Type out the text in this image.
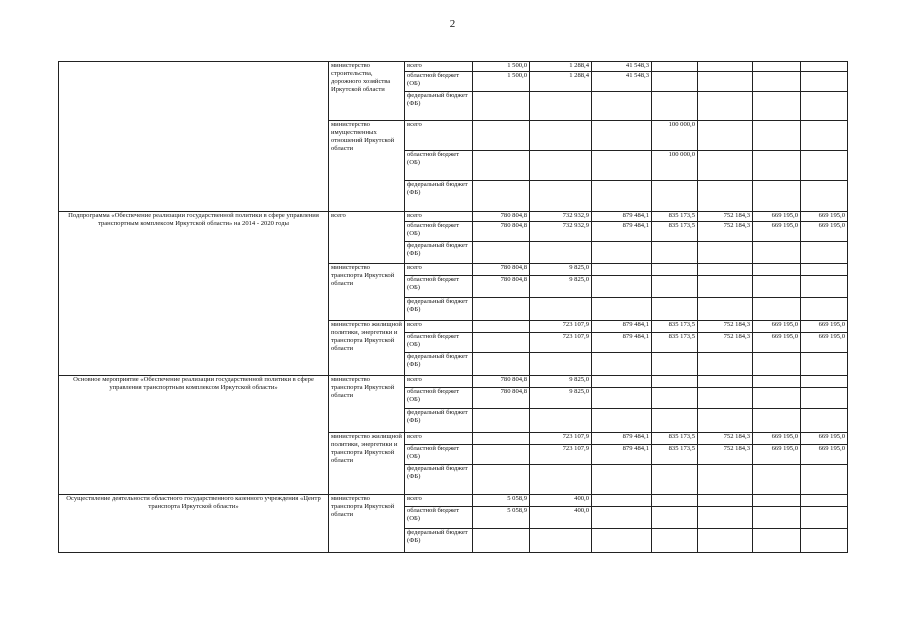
2
	министерство строительства, дорожного хозяйства Иркутской области	всего	1 500,0	1 288,4	41 548,3				
		областной бюджет (ОБ)	1 500,0	1 288,4	41 548,3				
		федеральный бюджет (ФБ)							
	министерство имущественных отношений Иркутской области	всего				100 000,0			
		областной бюджет (ОБ)				100 000,0			
		федеральный бюджет (ФБ)							
Подпрограмма «Обеспечение реализации государственной политики в сфере управления транспортным комплексом Иркутской области» на 2014 - 2020 годы	всего	всего	780 804,8	732 932,9	879 484,1	835 173,5	752 184,3	669 195,0	669 195,0
		областной бюджет (ОБ)	780 804,8	732 932,9	879 484,1	835 173,5	752 184,3	669 195,0	669 195,0
		федеральный бюджет (ФБ)							
	министерство транспорта Иркутской области	всего	780 804,8	9 825,0					
		областной бюджет (ОБ)	780 804,8	9 825,0					
		федеральный бюджет (ФБ)							
	министерство жилищной политики, энергетики и транспорта Иркутской области	всего		723 107,9	879 484,1	835 173,5	752 184,3	669 195,0	669 195,0
		областной бюджет (ОБ)		723 107,9	879 484,1	835 173,5	752 184,3	669 195,0	669 195,0
		федеральный бюджет (ФБ)							
Основное мероприятие «Обеспечение реализации государственной политики в сфере управления транспортным комплексом Иркутской области»	министерство транспорта Иркутской области	всего	780 804,8	9 825,0					
		областной бюджет (ОБ)	780 804,8	9 825,0					
		федеральный бюджет (ФБ)							
	министерство жилищной политики, энергетики и транспорта Иркутской области	всего		723 107,9	879 484,1	835 173,5	752 184,3	669 195,0	669 195,0
		областной бюджет (ОБ)		723 107,9	879 484,1	835 173,5	752 184,3	669 195,0	669 195,0
		федеральный бюджет (ФБ)							
Осуществление деятельности областного государственного казенного учреждения «Центр транспорта Иркутской области»	министерство транспорта Иркутской области	всего	5 058,9	400,0					
		областной бюджет (ОБ)	5 058,9	400,0					
		федеральный бюджет (ФБ)							
